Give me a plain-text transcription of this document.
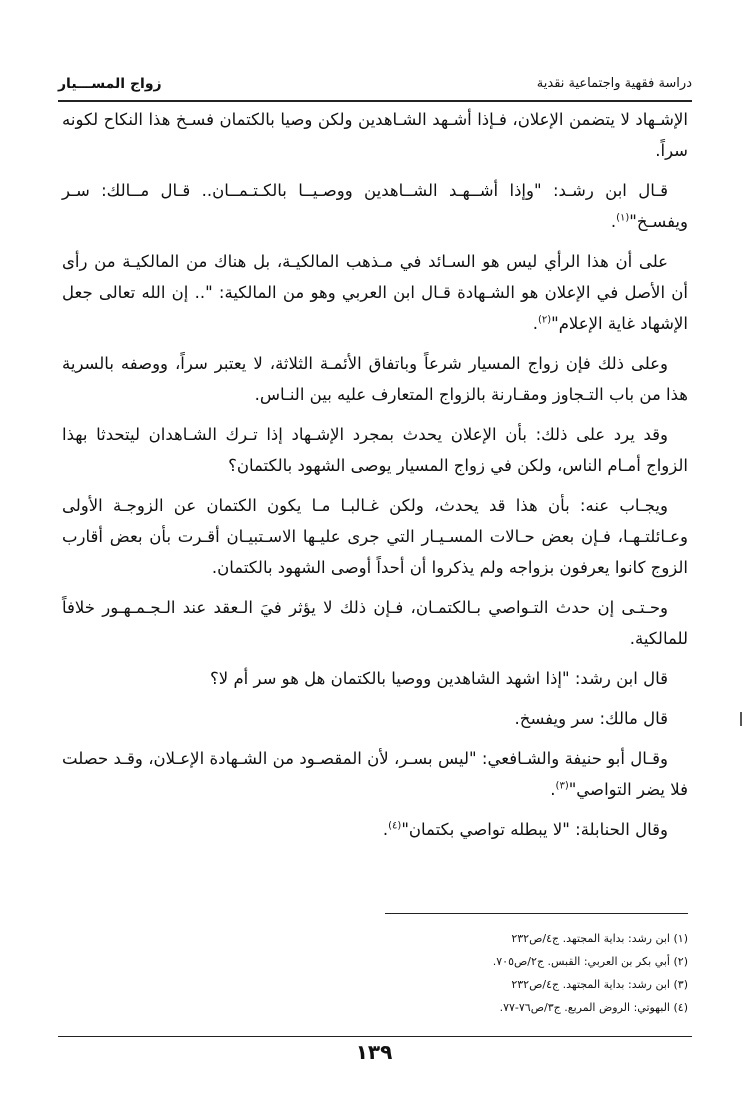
زواج المســـيار	دراسة فقهية واجتماعية نقدية

الإشـهاد لا يتضمن الإعلان، فـإذا أشـهد الشـاهدين ولكن وصيا بالكتمان فسـخ هذا النكاح لكونه سراً.

قـال ابن رشـد: "وإذا أشــهـد الشــاهدين ووصـيــا بالكـتـمــان.. قـال مــالك: سـر ويفسـخ"$^{(١)}$.

على أن هذا الرأي ليس هو السـائد في مـذهب المالكيـة، بل هناك من المالكيـة من رأى أن الأصل في الإعلان هو الشـهادة قـال ابن العربي وهو من المالكية: ".. إن الله تعالى جعل الإشهاد غاية الإعلام"$^{(٢)}$.

وعلى ذلك فإن زواج المسيار شرعاً وباتفاق الأئمـة الثلاثة، لا يعتبر سراً، ووصفه بالسرية هذا من باب التـجاوز ومقـارنة بالزواج المتعارف عليه بين النـاس.

وقد يرد على ذلك: بأن الإعلان يحدث بمجرد الإشـهاد إذا تـرك الشـاهدان ليتحدثا بهذا الزواج أمـام الناس، ولكن في زواج المسيار يوصى الشهود بالكتمان؟

ويجـاب عنه: بأن هذا قد يحدث، ولكن غـالبـا مـا يكون الكتمان عن الزوجـة الأولى وعـائلتـهـا، فـإن بعض حـالات المسـيـار التي جرى عليـها الاسـتبيـان أقـرت بأن بعض أقارب الزوج كانوا يعرفون بزواجه ولم يذكروا أن أحداً أوصى الشهود بالكتمان.

وحـتـى إن حدث التـواصي بـالكتمـان، فـإن ذلك لا يؤثر فيَ الـعقد عند الـجـمـهـور خلافاً للمالكية.

قال ابن رشد: "إذا اشهد الشاهدين ووصيا بالكتمان هل هو سر أم لا؟

قال مالك: سر ويفسخ.

وقـال أبو حنيفة والشـافعي: "ليس بسـر، لأن المقصـود من الشـهادة الإعـلان، وقـد حصلت فلا يضر التواصي"$^{(٣)}$.

وقال الحنابلة: "لا يبطله تواصي بكتمان"$^{(٤)}$.

(١) ابن رشد: بداية المجتهد. ج٤/ص٢٣٢
(٢) أبي بكر بن العربي: القبس. ج٢/ص٧٠٥.
(٣) ابن رشد: بداية المجتهد. ج٤/ص٢٣٢
(٤) البهوتي: الروض المربع. ج٣/ص٧٦-٧٧.
١٣٩
